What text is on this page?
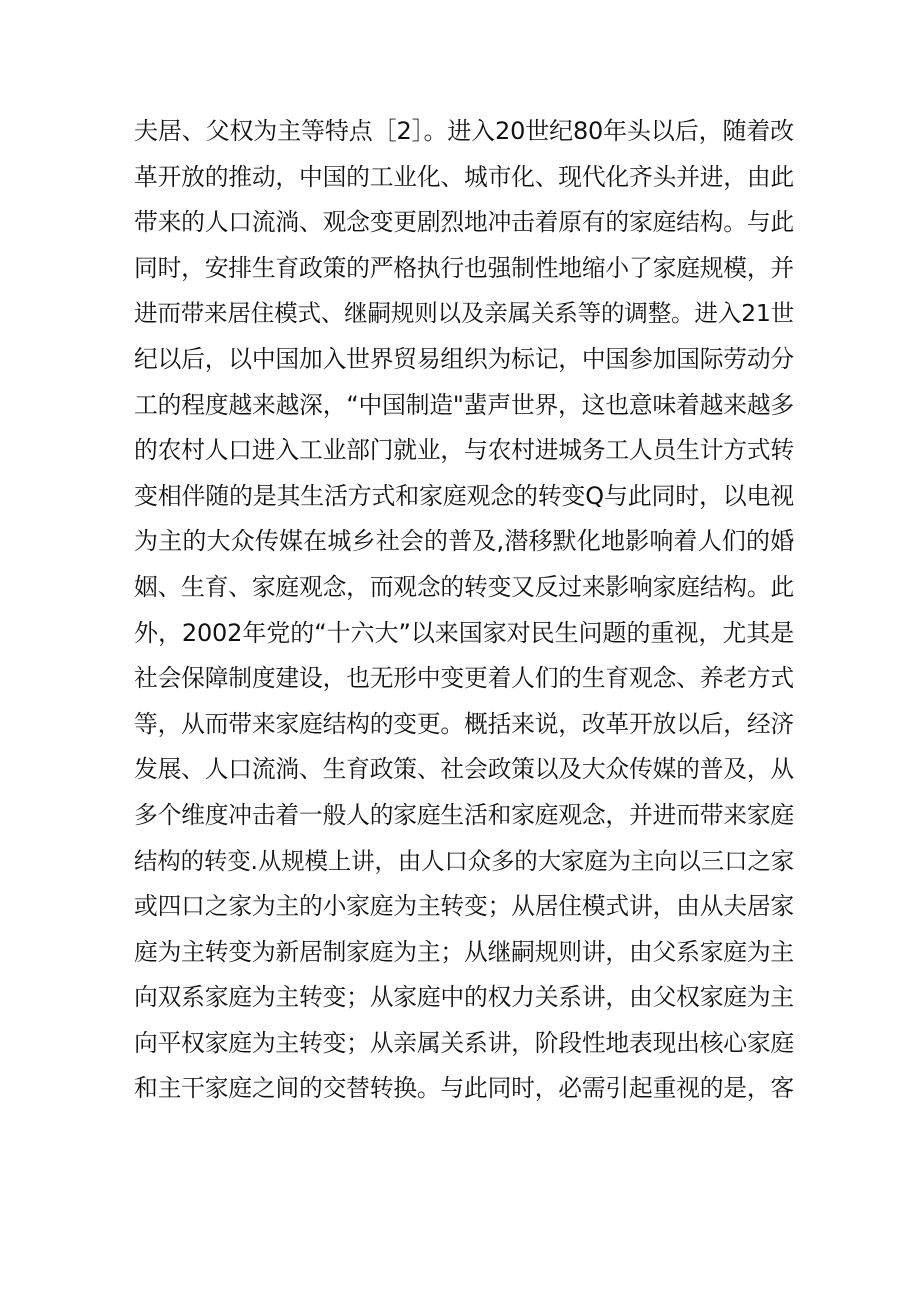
夫居、父权为主等特点［2］。进入20世纪80年头以后，随着改
革开放的推动，中国的工业化、城市化、现代化齐头并进，由此
带来的人口流淌、观念变更剧烈地冲击着原有的家庭结构。与此
同时，安排生育政策的严格执行也强制性地缩小了家庭规模，并
进而带来居住模式、继嗣规则以及亲属关系等的调整。进入21世
纪以后，以中国加入世界贸易组织为标记，中国参加国际劳动分
工的程度越来越深，“中国制造"蜚声世界，这也意味着越来越多
的农村人口进入工业部门就业，与农村进城务工人员生计方式转
变相伴随的是其生活方式和家庭观念的转变Q与此同时，以电视
为主的大众传媒在城乡社会的普及,潜移默化地影响着人们的婚
姻、生育、家庭观念，而观念的转变又反过来影响家庭结构。此
外，2002年党的“十六大”以来国家对民生问题的重视，尤其是
社会保障制度建设，也无形中变更着人们的生育观念、养老方式
等，从而带来家庭结构的变更。概括来说，改革开放以后，经济
发展、人口流淌、生育政策、社会政策以及大众传媒的普及，从
多个维度冲击着一般人的家庭生活和家庭观念，并进而带来家庭
结构的转变.从规模上讲，由人口众多的大家庭为主向以三口之家
或四口之家为主的小家庭为主转变；从居住模式讲，由从夫居家
庭为主转变为新居制家庭为主；从继嗣规则讲，由父系家庭为主
向双系家庭为主转变；从家庭中的权力关系讲，由父权家庭为主
向平权家庭为主转变；从亲属关系讲，阶段性地表现出核心家庭
和主干家庭之间的交替转换。与此同时，必需引起重视的是，客
